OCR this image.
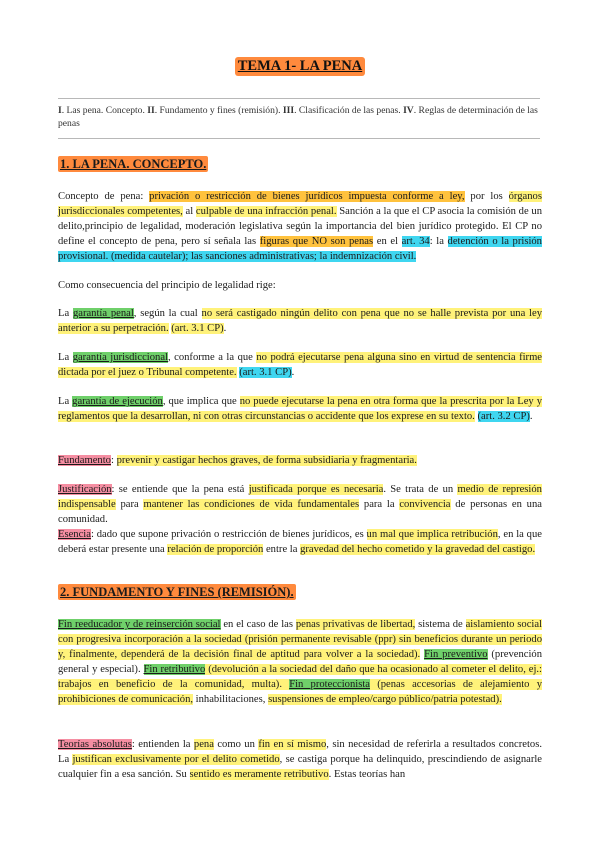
TEMA 1- LA PENA
I. Las pena. Concepto. II. Fundamento y fines (remisión). III. Clasificación de las penas. IV. Reglas de determinación de las penas
1. LA PENA. CONCEPTO.
Concepto de pena: privación o restricción de bienes jurídicos impuesta conforme a ley, por los órganos jurisdiccionales competentes, al culpable de una infracción penal. Sanción a la que el CP asocia la comisión de un delito,principio de legalidad, moderación legislativa según la importancia del bien jurídico protegido. El CP no define el concepto de pena, pero sí señala las figuras que NO son penas en el art. 34: la detención o la prisión provisional. (medida cautelar); las sanciones administrativas; la indemnización civil.
Como consecuencia del principio de legalidad rige:
La garantía penal, según la cual no será castigado ningún delito con pena que no se halle prevista por una ley anterior a su perpetración. (art. 3.1 CP).
La garantía jurisdiccional, conforme a la que no podrá ejecutarse pena alguna sino en virtud de sentencia firme dictada por el juez o Tribunal competente. (art. 3.1 CP).
La garantía de ejecución, que implica que no puede ejecutarse la pena en otra forma que la prescrita por la Ley y reglamentos que la desarrollan, ni con otras circunstancias o accidente que los exprese en su texto. (art. 3.2 CP).
Fundamento: prevenir y castigar hechos graves, de forma subsidiaria y fragmentaria.
Justificación: se entiende que la pena está justificada porque es necesaria. Se trata de un medio de represión indispensable para mantener las condiciones de vida fundamentales para la convivencia de personas en una comunidad.
Esencia: dado que supone privación o restricción de bienes jurídicos, es un mal que implica retribución, en la que deberá estar presente una relación de proporción entre la gravedad del hecho cometido y la gravedad del castigo.
2. FUNDAMENTO Y FINES (REMISIÓN).
Fin reeducador y de reinserción social en el caso de las penas privativas de libertad, sistema de aislamiento social con progresiva incorporación a la sociedad (prisión permanente revisable (ppr) sin beneficios durante un periodo y, finalmente, dependerá de la decisión final de aptitud para volver a la sociedad). Fin preventivo (prevención general y especial). Fin retributivo (devolución a la sociedad del daño que ha ocasionado al cometer el delito, ej.: trabajos en beneficio de la comunidad, multa). Fin proteccionista (penas accesorias de alejamiento y prohibiciones de comunicación, inhabilitaciones, suspensiones de empleo/cargo público/patria potestad).
Teorías absolutas: entienden la pena como un fin en sí mismo, sin necesidad de referirla a resultados concretos. La justifican exclusivamente por el delito cometido, se castiga porque ha delinquido, prescindiendo de asignarle cualquier fin a esa sanción. Su sentido es meramente retributivo. Estas teorías han
